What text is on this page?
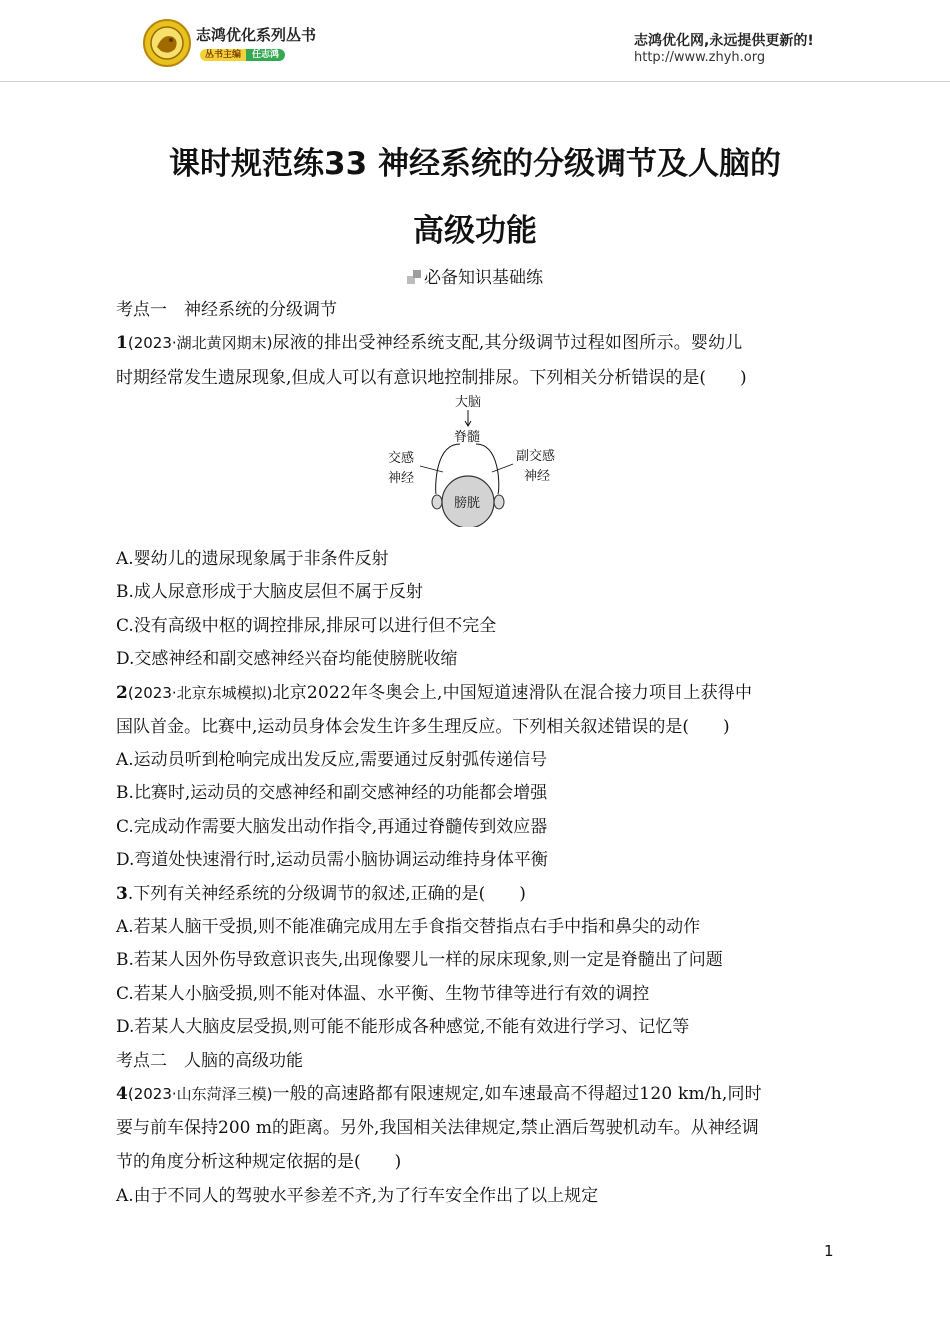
志鸿优化系列丛书
丛书主编 任志鸿
志鸿优化网,永远提供更新的!
http://www.zhyh.org
课时规范练33 神经系统的分级调节及人脑的
高级功能
必备知识基础练
考点一　神经系统的分级调节
1(2023·湖北黄冈期末)尿液的排出受神经系统支配,其分级调节过程如图所示。婴幼儿
时期经常发生遗尿现象,但成人可以有意识地控制排尿。下列相关分析错误的是(　　)
大脑
脊髓
交感
神经
副交感
神经
膀胱
A.婴幼儿的遗尿现象属于非条件反射
B.成人尿意形成于大脑皮层但不属于反射
C.没有高级中枢的调控排尿,排尿可以进行但不完全
D.交感神经和副交感神经兴奋均能使膀胱收缩
2(2023·北京东城模拟)北京2022年冬奥会上,中国短道速滑队在混合接力项目上获得中
国队首金。比赛中,运动员身体会发生许多生理反应。下列相关叙述错误的是(　　)
A.运动员听到枪响完成出发反应,需要通过反射弧传递信号
B.比赛时,运动员的交感神经和副交感神经的功能都会增强
C.完成动作需要大脑发出动作指令,再通过脊髓传到效应器
D.弯道处快速滑行时,运动员需小脑协调运动维持身体平衡
3.下列有关神经系统的分级调节的叙述,正确的是(　　)
A.若某人脑干受损,则不能准确完成用左手食指交替指点右手中指和鼻尖的动作
B.若某人因外伤导致意识丧失,出现像婴儿一样的尿床现象,则一定是脊髓出了问题
C.若某人小脑受损,则不能对体温、水平衡、生物节律等进行有效的调控
D.若某人大脑皮层受损,则可能不能形成各种感觉,不能有效进行学习、记忆等
考点二　人脑的高级功能
4(2023·山东菏泽三模)一般的高速路都有限速规定,如车速最高不得超过120 km/h,同时
要与前车保持200 m的距离。另外,我国相关法律规定,禁止酒后驾驶机动车。从神经调
节的角度分析这种规定依据的是(　　)
A.由于不同人的驾驶水平参差不齐,为了行车安全作出了以上规定
1
